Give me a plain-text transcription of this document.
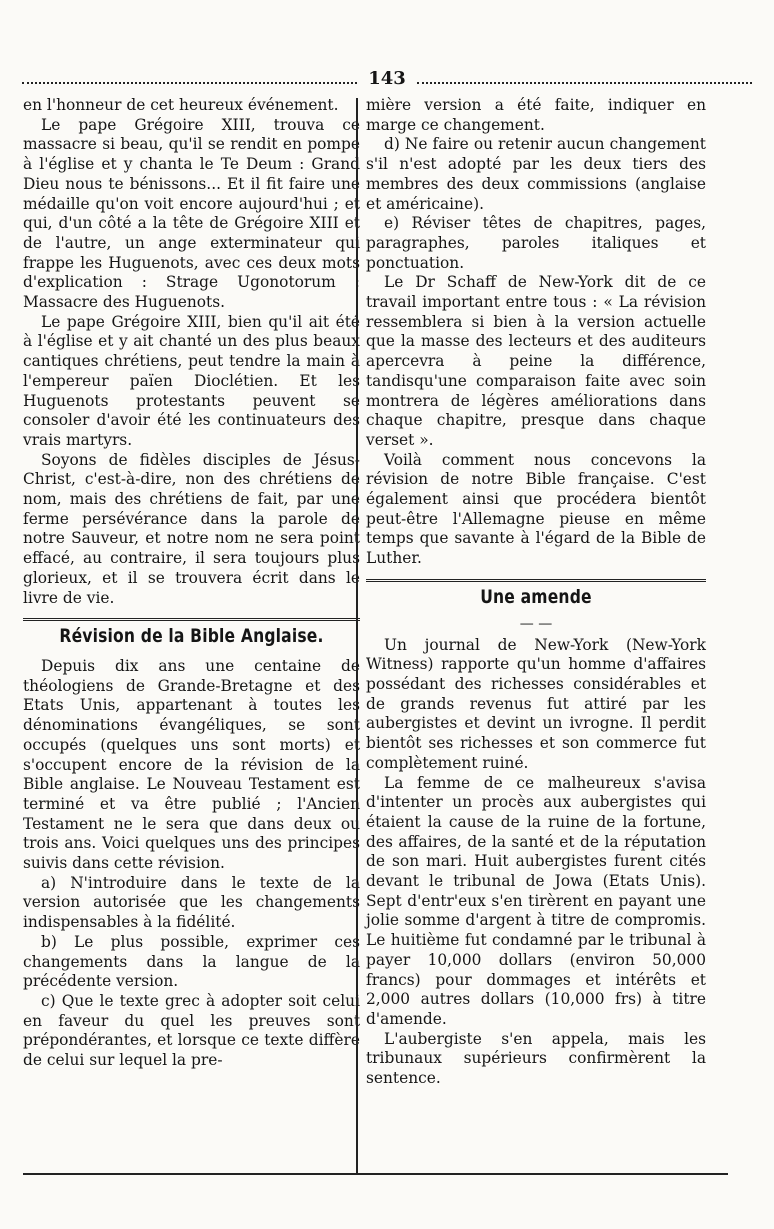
143

en l'honneur de cet heureux événement.

Le pape Grégoire XIII, trouva ce massacre si beau, qu'il se rendit en pompe à l'église et y chanta le Te Deum : Grand Dieu nous te bénissons... Et il fit faire une médaille qu'on voit encore aujourd'hui ; et qui, d'un côté a la tête de Grégoire XIII et de l'autre, un ange exterminateur qui frappe les Huguenots, avec ces deux mots d'explication : Strage Ugonotorum : Massacre des Huguenots.

Le pape Grégoire XIII, bien qu'il ait été à l'église et y ait chanté un des plus beaux cantiques chrétiens, peut tendre la main à l'empereur païen Dioclétien. Et les Huguenots protestants peuvent se consoler d'avoir été les continuateurs des vrais martyrs.

Soyons de fidèles disciples de Jésus-Christ, c'est-à-dire, non des chrétiens de nom, mais des chrétiens de fait, par une ferme persévérance dans la parole de notre Sauveur, et notre nom ne sera point effacé, au contraire, il sera toujours plus glorieux, et il se trouvera écrit dans le livre de vie.

Révision de la Bible Anglaise.

Depuis dix ans une centaine de théologiens de Grande-Bretagne et des Etats Unis, appartenant à toutes les dénominations évangéliques, se sont occupés (quelques uns sont morts) et s'occupent encore de la révision de la Bible anglaise. Le Nouveau Testament est terminé et va être publié ; l'Ancien Testament ne le sera que dans deux ou trois ans. Voici quelques uns des principes suivis dans cette révision.

a) N'introduire dans le texte de la version autorisée que les changements indispensables à la fidélité.

b) Le plus possible, exprimer ces changements dans la langue de la précédente version.

c) Que le texte grec à adopter soit celui en faveur du quel les preuves sont prépondérantes, et lorsque ce texte diffère de celui sur lequel la pre-

mière version a été faite, indiquer en marge ce changement.

d) Ne faire ou retenir aucun changement s'il n'est adopté par les deux tiers des membres des deux commissions (anglaise et américaine).

e) Réviser têtes de chapitres, pages, paragraphes, paroles italiques et ponctuation.

Le Dr Schaff de New-York dit de ce travail important entre tous : « La révision ressemblera si bien à la version actuelle que la masse des lecteurs et des auditeurs apercevra à peine la différence, tandisqu'une comparaison faite avec soin montrera de légères améliorations dans chaque chapitre, presque dans chaque verset ».

Voilà comment nous concevons la révision de notre Bible française. C'est également ainsi que procédera bientôt peut-être l'Allemagne pieuse en même temps que savante à l'égard de la Bible de Luther.

Une amende
— —

Un journal de New-York (New-York Witness) rapporte qu'un homme d'affaires possédant des richesses considérables et de grands revenus fut attiré par les aubergistes et devint un ivrogne. Il perdit bientôt ses richesses et son commerce fut complètement ruiné.

La femme de ce malheureux s'avisa d'intenter un procès aux aubergistes qui étaient la cause de la ruine de la fortune, des affaires, de la santé et de la réputation de son mari. Huit aubergistes furent cités devant le tribunal de Jowa (Etats Unis). Sept d'entr'eux s'en tirèrent en payant une jolie somme d'argent à titre de compromis. Le huitième fut condamné par le tribunal à payer 10,000 dollars (environ 50,000 francs) pour dommages et intérêts et 2,000 autres dollars (10,000 frs) à titre d'amende.

L'aubergiste s'en appela, mais les tribunaux supérieurs confirmèrent la sentence.
